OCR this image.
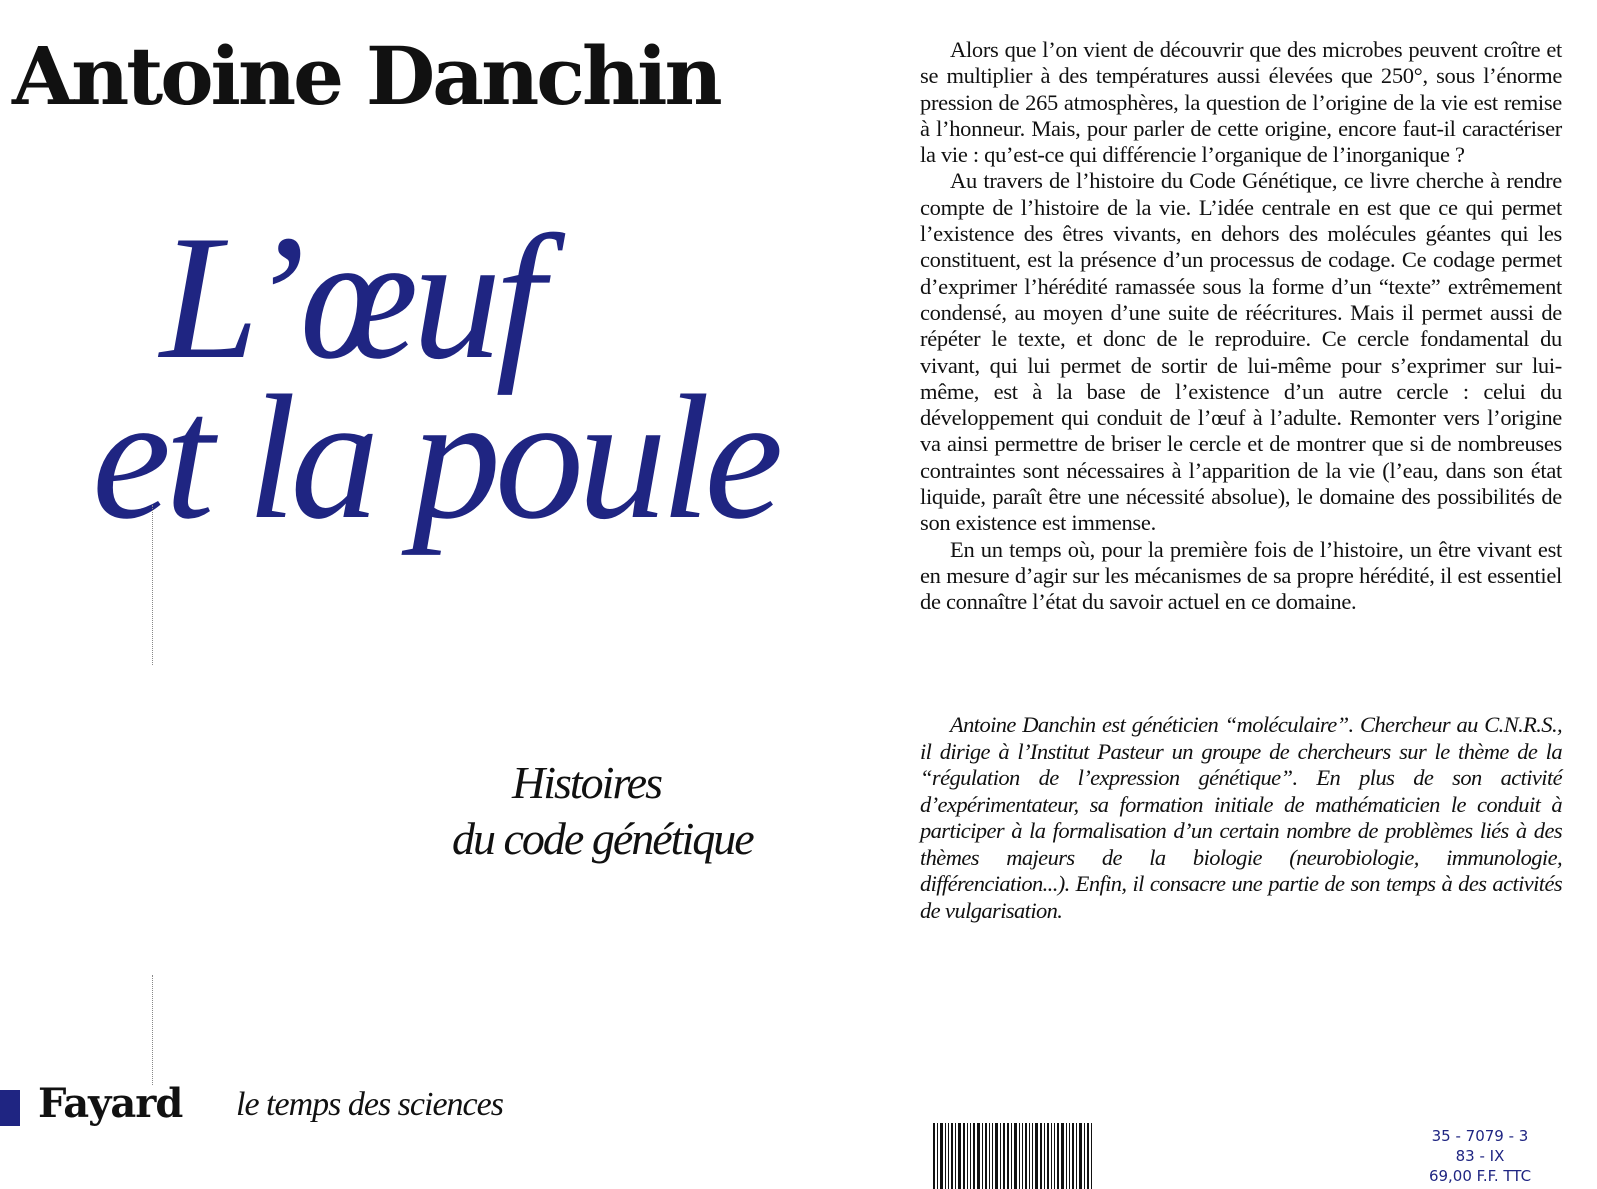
Antoine Danchin
L’œuf
et la poule
Histoires
du code génétique
Fayard le temps des sciences

Alors que l’on vient de découvrir que des microbes peuvent croître et se multiplier à des températures aussi élevées que 250°, sous l’énorme pression de 265 atmosphères, la question de l’origine de la vie est remise à l’honneur. Mais, pour parler de cette origine, encore faut-il caractériser la vie : qu’est-ce qui différencie l’organique de l’inorganique ?

Au travers de l’histoire du Code Génétique, ce livre cherche à rendre compte de l’histoire de la vie. L’idée centrale en est que ce qui permet l’existence des êtres vivants, en dehors des molécules géantes qui les constituent, est la présence d’un processus de codage. Ce codage permet d’exprimer l’hérédité ramassée sous la forme d’un “texte” extrêmement condensé, au moyen d’une suite de réécritures. Mais il permet aussi de répéter le texte, et donc de le reproduire. Ce cercle fondamental du vivant, qui lui permet de sortir de lui-même pour s’exprimer sur lui-même, est à la base de l’existence d’un autre cercle : celui du développement qui conduit de l’œuf à l’adulte. Remonter vers l’origine va ainsi permettre de briser le cercle et de montrer que si de nombreuses contraintes sont nécessaires à l’apparition de la vie (l’eau, dans son état liquide, paraît être une nécessité absolue), le domaine des possibilités de son existence est immense.

En un temps où, pour la première fois de l’histoire, un être vivant est en mesure d’agir sur les mécanismes de sa propre hérédité, il est essentiel de connaître l’état du savoir actuel en ce domaine.

Antoine Danchin est généticien “moléculaire”. Chercheur au C.N.R.S., il dirige à l’Institut Pasteur un groupe de chercheurs sur le thème de la “régulation de l’expression génétique”. En plus de son activité d’expérimentateur, sa formation initiale de mathématicien le conduit à participer à la formalisation d’un certain nombre de problèmes liés à des thèmes majeurs de la biologie (neurobiologie, immunologie, différenciation...). Enfin, il consacre une partie de son temps à des activités de vulgarisation.

35 - 7079 - 3
83 - IX
69,00 F.F. TTC
